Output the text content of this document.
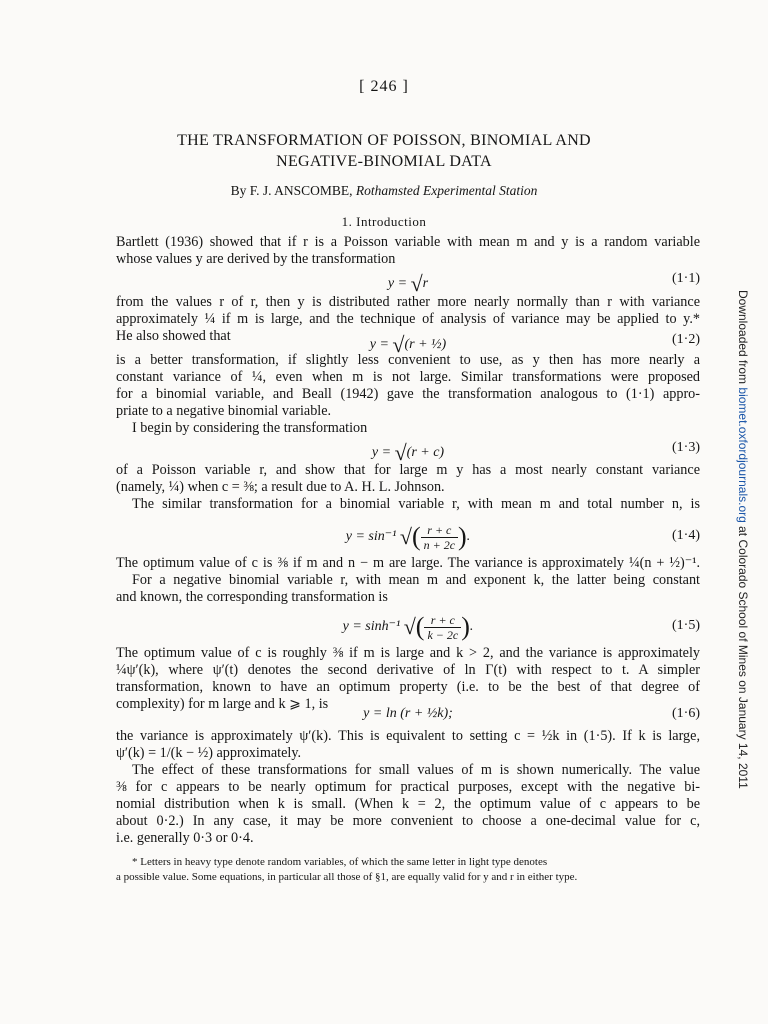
[ 246 ]
THE TRANSFORMATION OF POISSON, BINOMIAL AND
NEGATIVE-BINOMIAL DATA
By F. J. ANSCOMBE, Rothamsted Experimental Station
1. Introduction
Bartlett (1936) showed that if r is a Poisson variable with mean m and y is a random variable
whose values y are derived by the transformation
y = √r	(1·1)
from the values r of r, then y is distributed rather more nearly normally than r with variance
approximately ¼ if m is large, and the technique of analysis of variance may be applied to y.*
He also showed that
y = √(r + ½)	(1·2)
is a better transformation, if slightly less convenient to use, as y then has more nearly a
constant variance of ¼, even when m is not large. Similar transformations were proposed
for a binomial variable, and Beall (1942) gave the transformation analogous to (1·1) appro-
priate to a negative binomial variable.
I begin by considering the transformation
y = √(r + c)	(1·3)
of a Poisson variable r, and show that for large m y has a most nearly constant variance
(namely, ¼) when c = ⅜; a result due to A. H. L. Johnson.
The similar transformation for a binomial variable r, with mean m and total number n, is
y = sin⁻¹ √( $\frac{r + c}{n + 2c}$ ).	(1·4)
The optimum value of c is ⅜ if m and n − m are large. The variance is approximately ¼(n + ½)⁻¹.
For a negative binomial variable r, with mean m and exponent k, the latter being constant
and known, the corresponding transformation is
y = sinh⁻¹ √( $\frac{r + c}{k - 2c}$ ).	(1·5)
The optimum value of c is roughly ⅜ if m is large and k > 2, and the variance is approximately
¼ψ′(k), where ψ′(t) denotes the second derivative of ln Γ(t) with respect to t. A simpler
transformation, known to have an optimum property (i.e. to be the best of that degree of
complexity) for m large and k ⩾ 1, is
y = ln (r + ½k);	(1·6)
the variance is approximately ψ′(k). This is equivalent to setting c = ½k in (1·5). If k is large,
ψ′(k) = 1/(k − ½) approximately.
The effect of these transformations for small values of m is shown numerically. The value
⅜ for c appears to be nearly optimum for practical purposes, except with the negative bi-
nomial distribution when k is small. (When k = 2, the optimum value of c appears to be
about 0·2.) In any case, it may be more convenient to choose a one-decimal value for c,
i.e. generally 0·3 or 0·4.
* Letters in heavy type denote random variables, of which the same letter in light type denotes
a possible value. Some equations, in particular all those of §1, are equally valid for y and r in either type.
Downloaded from biomet.oxfordjournals.org at Colorado School of Mines on January 14, 2011
